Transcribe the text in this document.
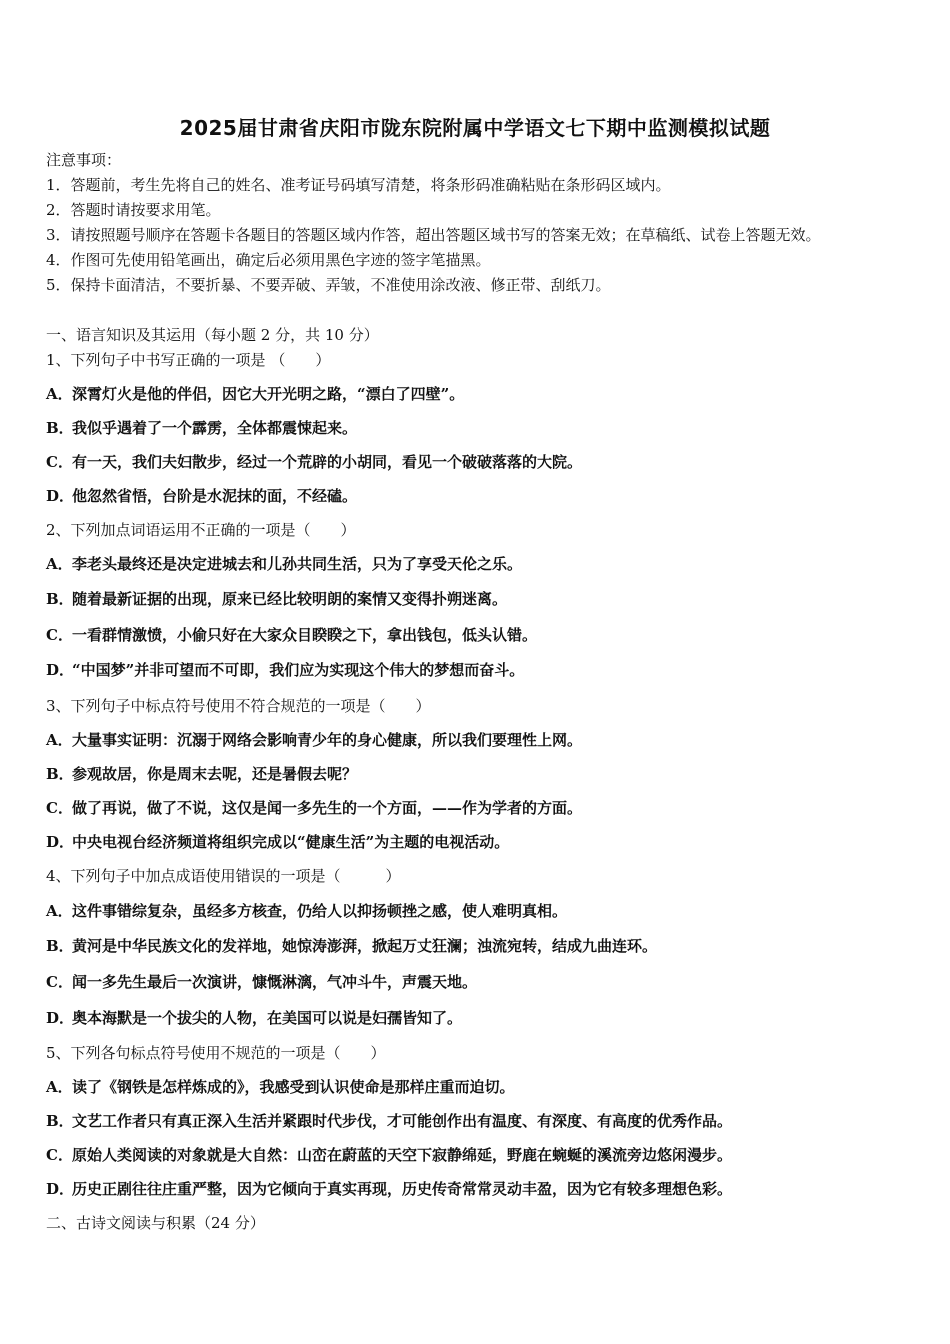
2025届甘肃省庆阳市陇东院附属中学语文七下期中监测模拟试题
注意事项：
1．答题前，考生先将自己的姓名、准考证号码填写清楚，将条形码准确粘贴在条形码区域内。
2．答题时请按要求用笔。
3．请按照题号顺序在答题卡各题目的答题区域内作答，超出答题区域书写的答案无效；在草稿纸、试卷上答题无效。
4．作图可先使用铅笔画出，确定后必须用黑色字迹的签字笔描黑。
5．保持卡面清洁，不要折暴、不要弄破、弄皱，不准使用涂改液、修正带、刮纸刀。
一、语言知识及其运用（每小题 2 分，共 10 分）
1、下列句子中书写正确的一项是 （　　）
A．深霄灯火是他的伴侣，因它大开光明之路，“漂白了四壁”。
B．我似乎遇着了一个霹雳，全体都震悚起来。
C．有一天，我们夫妇散步，经过一个荒辟的小胡同，看见一个破破落落的大院。
D．他忽然省悟，台阶是水泥抹的面，不经磕。
2、下列加点词语运用不正确的一项是（　　）
A．李老头最终还是决定进城去和儿孙共同生活，只为了享受天伦之乐。
B．随着最新证据的出现，原来已经比较明朗的案情又变得扑朔迷离。
C．一看群情激愤，小偷只好在大家众目睽睽之下，拿出钱包，低头认错。
D．“中国梦”并非可望而不可即，我们应为实现这个伟大的梦想而奋斗。
3、下列句子中标点符号使用不符合规范的一项是（　　）
A．大量事实证明：沉溺于网络会影响青少年的身心健康，所以我们要理性上网。
B．参观故居，你是周末去呢，还是暑假去呢？
C．做了再说，做了不说，这仅是闻一多先生的一个方面，——作为学者的方面。
D．中央电视台经济频道将组织完成以“健康生活”为主题的电视活动。
4、下列句子中加点成语使用错误的一项是（　　　）
A．这件事错综复杂，虽经多方核查，仍给人以抑扬顿挫之感，使人难明真相。
B．黄河是中华民族文化的发祥地，她惊涛澎湃，掀起万丈狂澜；浊流宛转，结成九曲连环。
C．闻一多先生最后一次演讲，慷慨淋漓，气冲斗牛，声震天地。
D．奥本海默是一个拔尖的人物，在美国可以说是妇孺皆知了。
5、下列各句标点符号使用不规范的一项是（　　）
A．读了《钢铁是怎样炼成的》，我感受到认识使命是那样庄重而迫切。
B．文艺工作者只有真正深入生活并紧跟时代步伐，才可能创作出有温度、有深度、有高度的优秀作品。
C．原始人类阅读的对象就是大自然：山峦在蔚蓝的天空下寂静绵延，野鹿在蜿蜒的溪流旁边悠闲漫步。
D．历史正剧往往庄重严整，因为它倾向于真实再现，历史传奇常常灵动丰盈，因为它有较多理想色彩。
二、古诗文阅读与积累（24 分）
